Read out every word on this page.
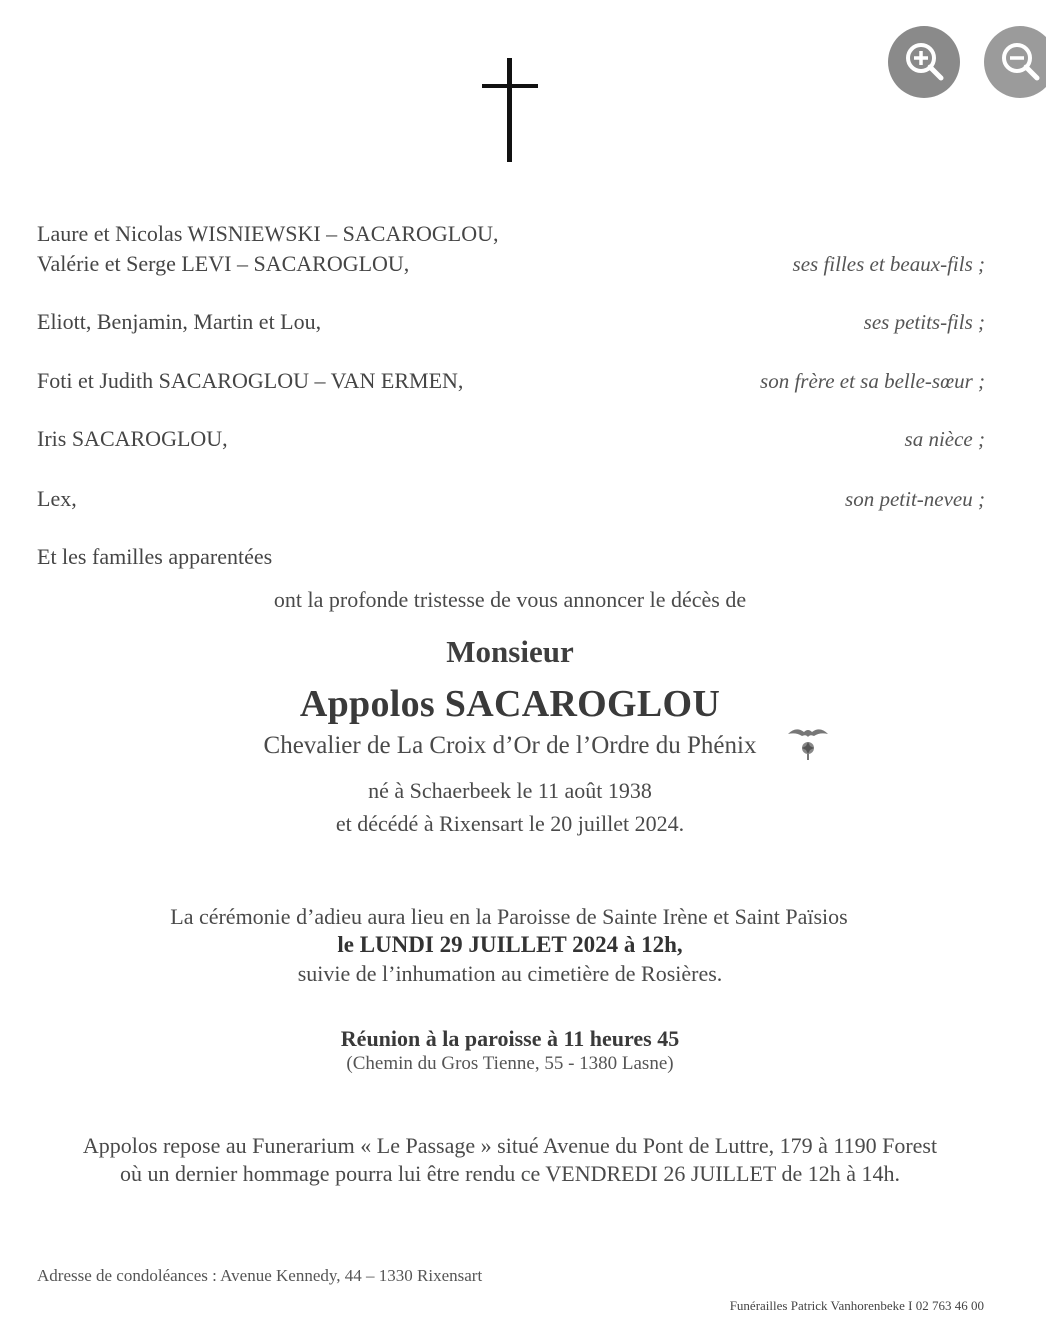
Laure et Nicolas WISNIEWSKI – SACAROGLOU,
Valérie et Serge LEVI – SACAROGLOU,	ses filles et beaux-fils ;
Eliott, Benjamin, Martin et Lou,	ses petits-fils ;
Foti et Judith SACAROGLOU – VAN ERMEN,	son frère et sa belle-sœur ;
Iris SACAROGLOU,	sa nièce ;
Lex,	son petit-neveu ;
Et les familles apparentées
ont la profonde tristesse de vous annoncer le décès de
Monsieur
Appolos SACAROGLOU
Chevalier de La Croix d’Or de l’Ordre du Phénix
né à Schaerbeek le 11 août 1938
et décédé à Rixensart le 20 juillet 2024.
La cérémonie d’adieu aura lieu en la Paroisse de Sainte Irène et Saint Païsios
le LUNDI 29 JUILLET 2024 à 12h,
suivie de l’inhumation au cimetière de Rosières.
Réunion à la paroisse à 11 heures 45
(Chemin du Gros Tienne, 55 - 1380 Lasne)
Appolos repose au Funerarium « Le Passage » situé Avenue du Pont de Luttre, 179 à 1190 Forest
où un dernier hommage pourra lui être rendu ce VENDREDI 26 JUILLET de 12h à 14h.
Adresse de condoléances : Avenue Kennedy, 44 – 1330 Rixensart
Funérailles Patrick Vanhorenbeke I 02 763 46 00
